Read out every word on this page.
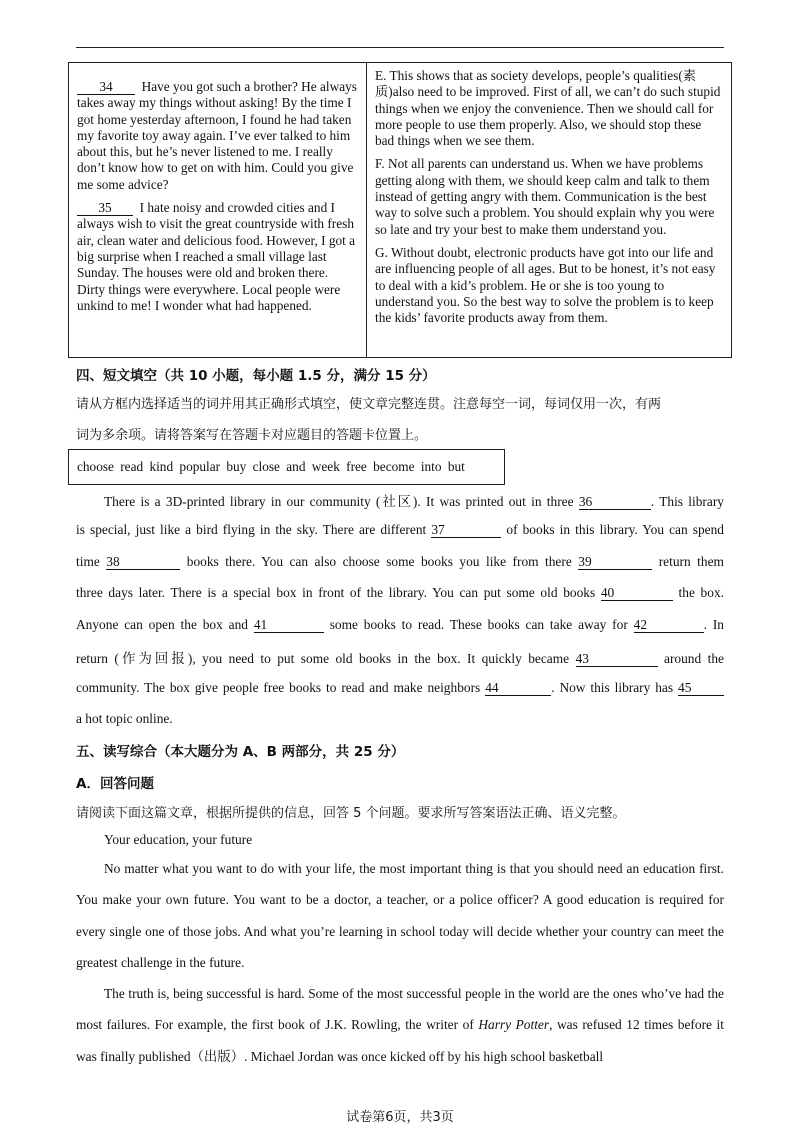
34 Have you got such a brother? He always takes away my things without asking! By the time I got home yesterday afternoon, I found he had taken my favorite toy away again. I’ve ever talked to him about this, but he’s never listened to me. I really don’t know how to get on with him. Could you give me some advice?

35 I hate noisy and crowded cities and I always wish to visit the great countryside with fresh air, clean water and delicious food. However, I got a big surprise when I reached a small village last Sunday. The houses were old and broken there. Dirty things were everywhere. Local people were unkind to me! I wonder what had happened.

E. This shows that as society develops, people’s qualities(素质)also need to be improved. First of all, we can’t do such stupid things when we enjoy the convenience. Then we should call for more people to use them properly. Also, we should stop these bad things when we see them.

F. Not all parents can understand us. When we have problems getting along with them, we should keep calm and talk to them instead of getting angry with them. Communication is the best way to solve such a problem. You should explain why you were so late and try your best to make them understand you.

G. Without doubt, electronic products have got into our life and are influencing people of all ages. But to be honest, it’s not easy to deal with a kid’s problem. He or she is too young to understand you. So the best way to solve the problem is to keep the kids’ favorite products away from them.

四、短文填空（共 10 小题，每小题 1.5 分，满分 15 分）
请从方框内选择适当的词并用其正确形式填空，使文章完整连贯。注意每空一词，每词仅用一次，有两
词为多余项。请将答案写在答题卡对应题目的答题卡位置上。
choose read kind popular buy close and week free become into but
There is a 3D-printed library in our community (社区). It was printed out in three 36	. This library
is special, just like a bird flying in the sky. There are different 37	of books in this library. You can spend
time 38	books there. You can also choose some books you like from there 39	return them
three days later. There is a special box in front of the library. You can put some old books 40	the box.
Anyone can open the box and 41	some books to read. These books can take away for 42	. In
return (作为回报), you need to put some old books in the box. It quickly became 43	around the
community. The box give people free books to read and make neighbors 44	. Now this library has 45
a hot topic online.
五、读写综合（本大题分为 A、B 两部分，共 25 分）
A．回答问题
请阅读下面这篇文章，根据所提供的信息，回答 5 个问题。要求所写答案语法正确、语义完整。
Your education, your future
No matter what you want to do with your life, the most important thing is that you should need an education first. You make your own future. You want to be a doctor, a teacher, or a police officer? A good education is required for every single one of those jobs. And what you’re learning in school today will decide whether your country can meet the greatest challenge in the future.
The truth is, being successful is hard. Some of the most successful people in the world are the ones who’ve had the most failures. For example, the first book of J.K. Rowling, the writer of Harry Potter, was refused 12 times before it was finally published（出版）. Michael Jordan was once kicked off by his high school basketball
试卷第6页，共3页
